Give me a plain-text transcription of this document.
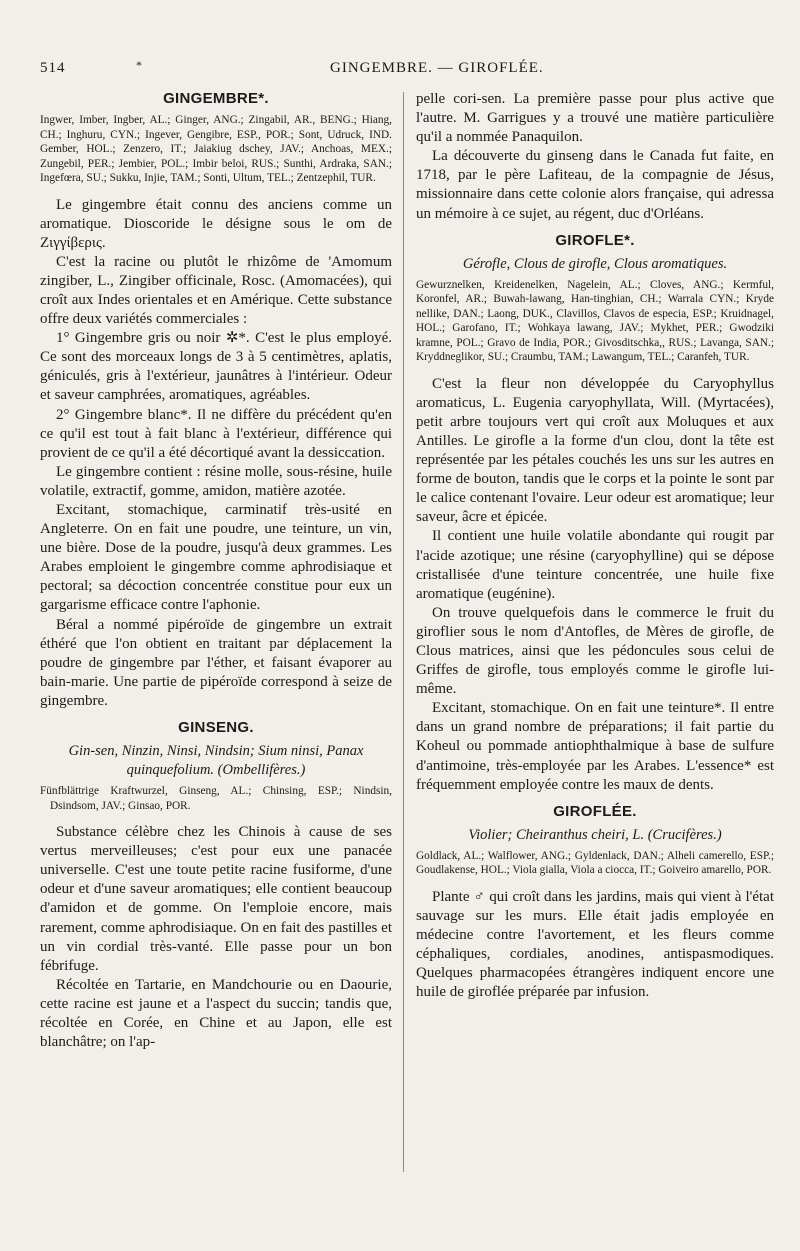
514	*	GINGEMBRE. — GIROFLÉE.
GINGEMBRE*.
Ingwer, Imber, Ingber, AL.; Ginger, ANG.; Zingabil, AR., BENG.; Hiang, CH.; Inghuru, CYN.; Ingever, Gengibre, ESP., POR.; Sont, Udruck, IND. Gember, HOL.; Zenzero, IT.; Jaiakiug dschey, JAV.; Anchoas, MEX.; Zungebil, PER.; Jembier, POL.; Imbir beloi, RUS.; Sunthi, Ardraka, SAN.; Ingefœra, SU.; Sukku, Injie, TAM.; Sonti, Ultum, TEL.; Zentzephil, TUR.

Le gingembre était connu des anciens comme un aromatique. Dioscoride le désigne sous le om de Ζιγγίβερις.

C'est la racine ou plutôt le rhizôme de 'Amomum zingiber, L., Zingiber officinale, Rosc. (Amomacées), qui croît aux Indes orientales et en Amérique. Cette substance offre deux variétés commerciales :

1° Gingembre gris ou noir ✲*. C'est le plus employé. Ce sont des morceaux longs de 3 à 5 centimètres, aplatis, géniculés, gris à l'extérieur, jaunâtres à l'intérieur. Odeur et saveur camphrées, aromatiques, agréables.

2° Gingembre blanc*. Il ne diffère du précédent qu'en ce qu'il est tout à fait blanc à l'extérieur, différence qui provient de ce qu'il a été décortiqué avant la dessiccation.

Le gingembre contient : résine molle, sous-résine, huile volatile, extractif, gomme, amidon, matière azotée.

Excitant, stomachique, carminatif très-usité en Angleterre. On en fait une poudre, une teinture, un vin, une bière. Dose de la poudre, jusqu'à deux grammes. Les Arabes emploient le gingembre comme aphrodisiaque et pectoral; sa décoction concentrée constitue pour eux un gargarisme efficace contre l'aphonie.

Béral a nommé pipéroïde de gingembre un extrait éthéré que l'on obtient en traitant par déplacement la poudre de gingembre par l'éther, et faisant évaporer au bain-marie. Une partie de pipéroïde correspond à seize de gingembre.

GINSENG.
Gin-sen, Ninzin, Ninsi, Nindsin; Sium ninsi, Panax quinquefolium. (Ombellifères.)
Fünfblättrige Kraftwurzel, Ginseng, AL.; Chinsing, ESP.; Nindsin, Dsindsom, JAV.; Ginsao, POR.

Substance célèbre chez les Chinois à cause de ses vertus merveilleuses; c'est pour eux une panacée universelle. C'est une toute petite racine fusiforme, d'une odeur et d'une saveur aromatiques; elle contient beaucoup d'amidon et de gomme. On l'emploie encore, mais rarement, comme aphrodisiaque. On en fait des pastilles et un vin cordial très-vanté. Elle passe pour un bon fébrifuge.

Récoltée en Tartarie, en Mandchourie ou en Daourie, cette racine est jaune et a l'aspect du succin; tandis que, récoltée en Corée, en Chine et au Japon, elle est blanchâtre; on l'ap-

pelle cori-sen. La première passe pour plus active que l'autre. M. Garrigues y a trouvé une matière particulière qu'il a nommée Panaquilon.

La découverte du ginseng dans le Canada fut faite, en 1718, par le père Lafiteau, de la compagnie de Jésus, missionnaire dans cette colonie alors française, qui adressa un mémoire à ce sujet, au régent, duc d'Orléans.

GIROFLE*.
Gérofle, Clous de girofle, Clous aromatiques.
Gewurznelken, Kreidenelken, Nagelein, AL.; Cloves, ANG.; Kermful, Koronfel, AR.; Buwah-lawang, Han-tinghian, CH.; Warrala CYN.; Kryde nellike, DAN.; Laong, DUK., Clavillos, Clavos de especia, ESP.; Kruidnagel, HOL.; Garofano, IT.; Wohkaya lawang, JAV.; Mykhet, PER.; Gwodziki kramne, POL.; Gravo de India, POR.; Givosditschka,, RUS.; Lavanga, SAN.; Kryddneglikor, SU.; Craumbu, TAM.; Lawangum, TEL.; Caranfeh, TUR.

C'est la fleur non développée du Caryophyllus aromaticus, L. Eugenia caryophyllata, Will. (Myrtacées), petit arbre toujours vert qui croît aux Moluques et aux Antilles. Le girofle a la forme d'un clou, dont la tête est représentée par les pétales couchés les uns sur les autres en forme de bouton, tandis que le corps et la pointe le sont par le calice contenant l'ovaire. Leur odeur est aromatique; leur saveur, âcre et épicée.

Il contient une huile volatile abondante qui rougit par l'acide azotique; une résine (caryophylline) qui se dépose cristallisée d'une teinture concentrée, une huile fixe aromatique (eugénine).

On trouve quelquefois dans le commerce le fruit du giroflier sous le nom d'Antofles, de Mères de girofle, de Clous matrices, ainsi que les pédoncules sous celui de Griffes de girofle, tous employés comme le girofle lui-même.

Excitant, stomachique. On en fait une teinture*. Il entre dans un grand nombre de préparations; il fait partie du Koheul ou pommade antiophthalmique à base de sulfure d'antimoine, très-employée par les Arabes. L'essence* est fréquemment employée contre les maux de dents.

GIROFLÉE.
Violier; Cheiranthus cheiri, L. (Crucifères.)
Goldlack, AL.; Walflower, ANG.; Gyldenlack, DAN.; Alheli camerello, ESP.; Goudlakense, HOL.; Viola gialla, Viola a ciocca, IT.; Goiveiro amarello, POR.

Plante ♂ qui croît dans les jardins, mais qui vient à l'état sauvage sur les murs. Elle était jadis employée en médecine contre l'avortement, et les fleurs comme céphaliques, cordiales, anodines, antispasmodiques. Quelques pharmacopées étrangères indiquent encore une huile de giroflée préparée par infusion.
